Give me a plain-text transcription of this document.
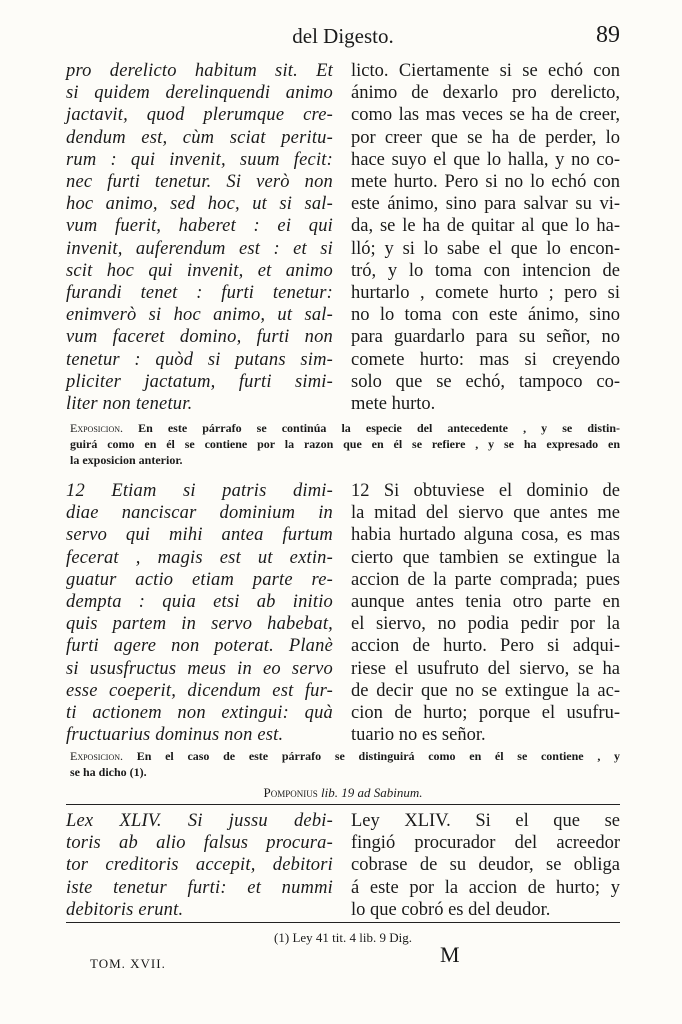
del Digesto.	89
pro derelicto habitum sit. Et
si quidem derelinquendi animo
jactavit, quod plerumque cre-
dendum est, cùm sciat peritu-
rum : qui invenit, suum fecit:
nec furti tenetur. Si verò non
hoc animo, sed hoc, ut si sal-
vum fuerit, haberet : ei qui
invenit, auferendum est : et si
scit hoc qui invenit, et animo
furandi tenet : furti tenetur:
enimverò si hoc animo, ut sal-
vum faceret domino, furti non
tenetur : quòd si putans sim-
pliciter jactatum, furti simi-
liter non tenetur.
licto. Ciertamente si se echó con
ánimo de dexarlo pro derelicto,
como las mas veces se ha de creer,
por creer que se ha de perder, lo
hace suyo el que lo halla, y no co-
mete hurto. Pero si no lo echó con
este ánimo, sino para salvar su vi-
da, se le ha de quitar al que lo ha-
lló; y si lo sabe el que lo encon-
tró, y lo toma con intencion de
hurtarlo , comete hurto ; pero si
no lo toma con este ánimo, sino
para guardarlo para su señor, no
comete hurto: mas si creyendo
solo que se echó, tampoco co-
mete hurto.
Exposicion. En este párrafo se continúa la especie del antecedente , y se distin-
guirá como en él se contiene por la razon que en él se refiere , y se ha expresado en
la exposicion anterior.
12 Etiam si patris dimi-
diae nanciscar dominium in
servo qui mihi antea furtum
fecerat , magis est ut extin-
guatur actio etiam parte re-
dempta : quia etsi ab initio
quis partem in servo habebat,
furti agere non poterat. Planè
si ususfructus meus in eo servo
esse coeperit, dicendum est fur-
ti actionem non extingui: quà
fructuarius dominus non est.
12 Si obtuviese el dominio de
la mitad del siervo que antes me
habia hurtado alguna cosa, es mas
cierto que tambien se extingue la
accion de la parte comprada; pues
aunque antes tenia otro parte en
el siervo, no podia pedir por la
accion de hurto. Pero si adqui-
riese el usufruto del siervo, se ha
de decir que no se extingue la ac-
cion de hurto; porque el usufru-
tuario no es señor.
Exposicion. En el caso de este párrafo se distinguirá como en él se contiene , y
se ha dicho (1).
Pomponius lib. 19 ad Sabinum.
Lex XLIV. Si jussu debi-
toris ab alio falsus procura-
tor creditoris accepit, debitori
iste tenetur furti: et nummi
debitoris erunt.
Ley XLIV. Si el que se
fingió procurador del acreedor
cobrase de su deudor, se obliga
á este por la accion de hurto; y
lo que cobró es del deudor.
(1) Ley 41 tit. 4 lib. 9 Dig.
TOM. XVII.	M
